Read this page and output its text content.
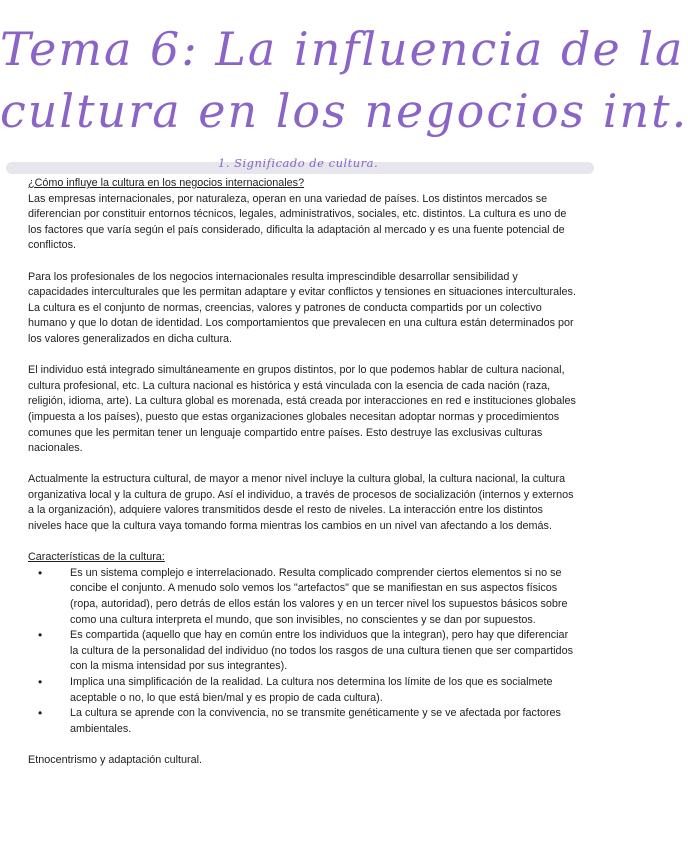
Tema 6: La influencia de la
cultura en los negocios int.

1. Significado de cultura.

¿Cómo influye la cultura en los negocios internacionales?

Las empresas internacionales, por naturaleza, operan en una variedad de países. Los distintos mercados se diferencian por constituir entornos técnicos, legales, administrativos, sociales, etc. distintos. La cultura es uno de los factores que varía según el país considerado, dificulta la adaptación al mercado y es una fuente potencial de conflictos.

Para los profesionales de los negocios internacionales resulta imprescindible desarrollar sensibilidad y capacidades interculturales que les permitan adaptare y evitar conflictos y tensiones en situaciones interculturales.

La cultura es el conjunto de normas, creencias, valores y patrones de conducta compartids por un colectivo humano y que lo dotan de identidad. Los comportamientos que prevalecen en una cultura están determinados por los valores generalizados en dicha cultura.

El individuo está integrado simultáneamente en grupos distintos, por lo que podemos hablar de cultura nacional, cultura profesional, etc. La cultura nacional es histórica y está vinculada con la esencia de cada nación (raza, religión, idioma, arte). La cultura global es morenada, está creada por interacciones en red e instituciones globales (impuesta a los países), puesto que estas organizaciones globales necesitan adoptar normas y procedimientos comunes que les permitan tener un lenguaje compartido entre países. Esto destruye las exclusivas culturas nacionales.

Actualmente la estructura cultural, de mayor a menor nivel incluye la cultura global, la cultura nacional, la cultura organizativa local y la cultura de grupo. Así el individuo, a través de procesos de socialización (internos y externos a la organización), adquiere valores transmitidos desde el resto de niveles. La interacción entre los distintos niveles hace que la cultura vaya tomando forma mientras los cambios en un nivel van afectando a los demás.

Características de la cultura:

• Es un sistema complejo e interrelacionado. Resulta complicado comprender ciertos elementos si no se concibe el conjunto. A menudo solo vemos los "artefactos" que se manifiestan en sus aspectos físicos (ropa, autoridad), pero detrás de ellos están los valores y en un tercer nivel los supuestos básicos sobre como una cultura interpreta el mundo, que son invisibles, no conscientes y se dan por supuestos.
• Es compartida (aquello que hay en común entre los individuos que la integran), pero hay que diferenciar la cultura de la personalidad del individuo (no todos los rasgos de una cultura tienen que ser compartidos con la misma intensidad por sus integrantes).
• Implica una simplificación de la realidad. La cultura nos determina los límite de los que es socialmete aceptable o no, lo que está bien/mal y es propio de cada cultura).
• La cultura se aprende con la convivencia, no se transmite genéticamente y se ve afectada por factores ambientales.

Etnocentrismo y adaptación cultural.
